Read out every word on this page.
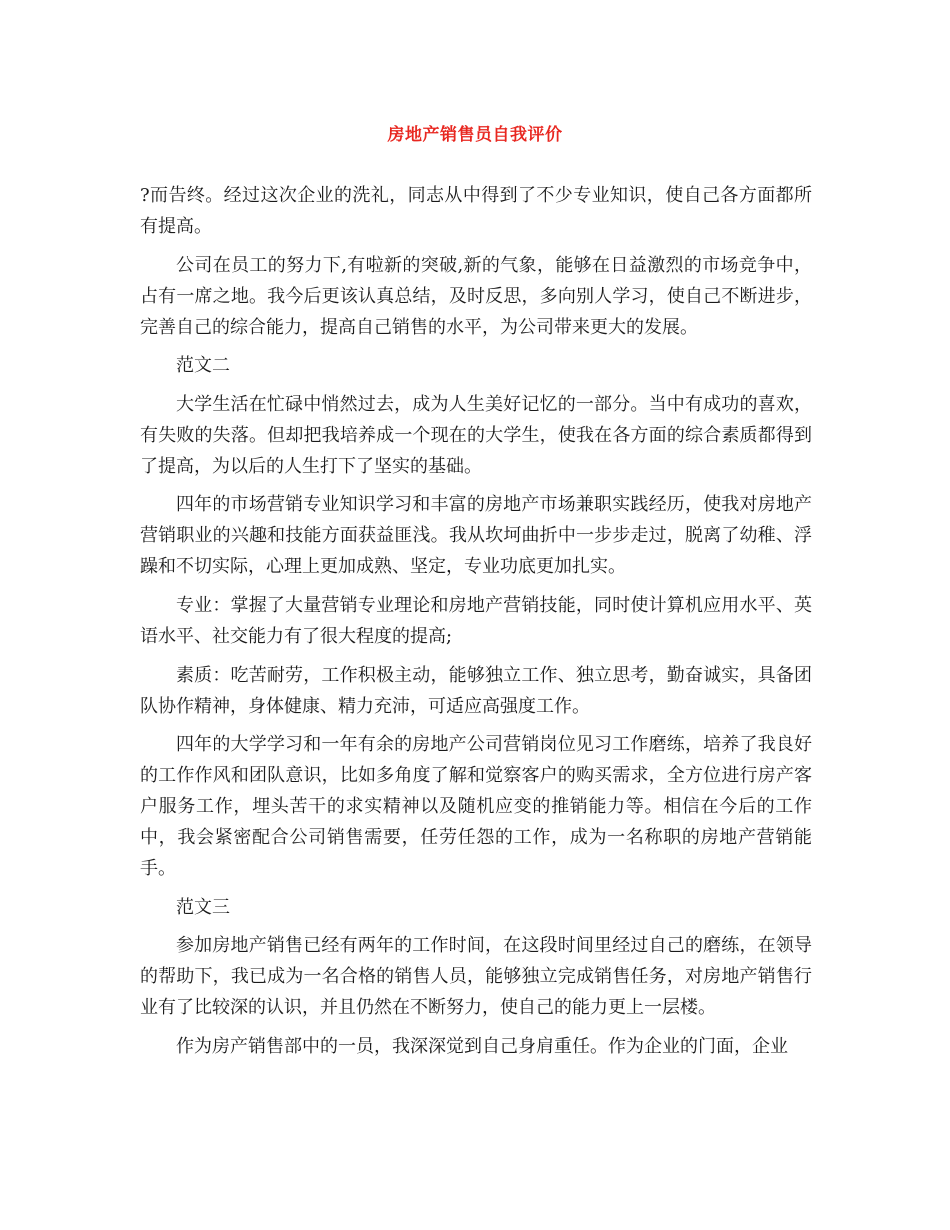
房地产销售员自我评价

?而告终。经过这次企业的洗礼，同志从中得到了不少专业知识，使自己各方面都所有提高。

公司在员工的努力下,有啦新的突破,新的气象，能够在日益激烈的市场竞争中，占有一席之地。我今后更该认真总结，及时反思，多向别人学习，使自己不断进步，完善自己的综合能力，提高自己销售的水平，为公司带来更大的发展。

范文二

大学生活在忙碌中悄然过去，成为人生美好记忆的一部分。当中有成功的喜欢，有失败的失落。但却把我培养成一个现在的大学生，使我在各方面的综合素质都得到了提高，为以后的人生打下了坚实的基础。

四年的市场营销专业知识学习和丰富的房地产市场兼职实践经历，使我对房地产营销职业的兴趣和技能方面获益匪浅。我从坎坷曲折中一步步走过，脱离了幼稚、浮躁和不切实际，心理上更加成熟、坚定，专业功底更加扎实。

专业：掌握了大量营销专业理论和房地产营销技能，同时使计算机应用水平、英语水平、社交能力有了很大程度的提高;

素质：吃苦耐劳，工作积极主动，能够独立工作、独立思考，勤奋诚实，具备团队协作精神，身体健康、精力充沛，可适应高强度工作。

四年的大学学习和一年有余的房地产公司营销岗位见习工作磨练，培养了我良好的工作作风和团队意识，比如多角度了解和觉察客户的购买需求，全方位进行房产客户服务工作，埋头苦干的求实精神以及随机应变的推销能力等。相信在今后的工作中，我会紧密配合公司销售需要，任劳任怨的工作，成为一名称职的房地产营销能手。

范文三

参加房地产销售已经有两年的工作时间，在这段时间里经过自己的磨练，在领导的帮助下，我已成为一名合格的销售人员，能够独立完成销售任务，对房地产销售行业有了比较深的认识，并且仍然在不断努力，使自己的能力更上一层楼。

作为房产销售部中的一员，我深深觉到自己身肩重任。作为企业的门面，企业
